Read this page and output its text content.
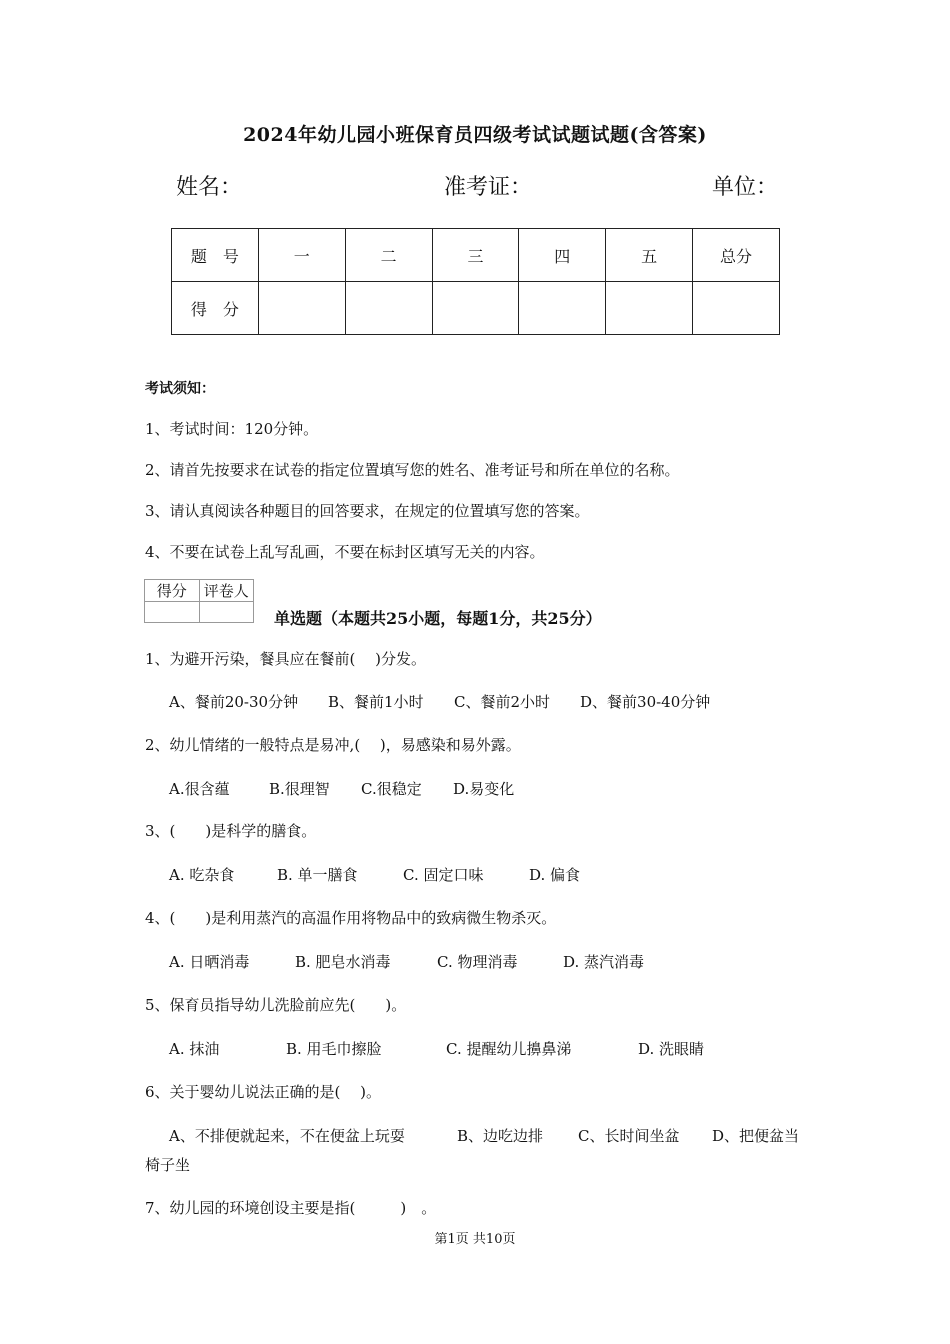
2024年幼儿园小班保育员四级考试试题试题(含答案)
姓名：	准考证：	单位：
题　号	一	二	三	四	五	总分
得　分						
考试须知：
1、考试时间：120分钟。
2、请首先按要求在试卷的指定位置填写您的姓名、准考证号和所在单位的名称。
3、请认真阅读各种题目的回答要求，在规定的位置填写您的答案。
4、不要在试卷上乱写乱画，不要在标封区填写无关的内容。
得分	评卷人

单选题（本题共25小题，每题1分，共25分）
1、为避开污染，餐具应在餐前(　 )分发。
A、餐前20-30分钟 B、餐前1小时 C、餐前2小时 D、餐前30-40分钟
2、幼儿情绪的一般特点是易冲,(　 )，易感染和易外露。
A.很含蕴	B.很理智 C.很稳定 D.易变化
3、(　　)是科学的膳食。
A. 吃杂食	B. 单一膳食	C. 固定口味	D. 偏食
4、(　　)是利用蒸汽的高温作用将物品中的致病微生物杀灭。
A. 日晒消毒	B. 肥皂水消毒	C. 物理消毒	D. 蒸汽消毒
5、保育员指导幼儿洗脸前应先(　　)。
A. 抹油	B. 用毛巾擦脸	C. 提醒幼儿擤鼻涕	D. 洗眼睛
6、关于婴幼儿说法正确的是(　 )。
A、不排便就起来，不在便盆上玩耍	B、边吃边排 C、长时间坐盆 D、把便盆当
椅子坐
7、幼儿园的环境创设主要是指(　　　)　。
第1页 共10页
